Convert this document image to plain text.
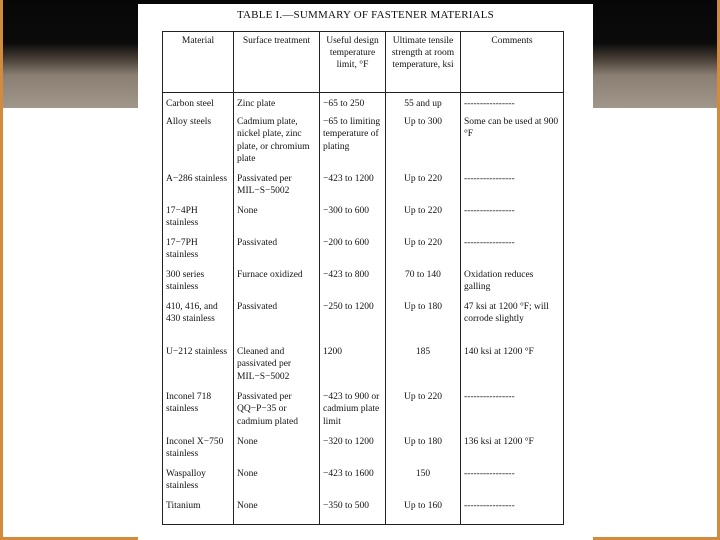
TABLE I.—SUMMARY OF FASTENER MATERIALS
Material	Surface treatment	Useful design temperature limit, °F	Ultimate tensile strength at room temperature, ksi	Comments
Carbon steel	Zinc plate	−65 to 250	55 and up	----------------
Alloy steels	Cadmium plate, nickel plate, zinc plate, or chromium plate	−65 to limiting temperature of plating	Up to 300	Some can be used at 900 °F
A−286 stainless	Passivated per MIL−S−5002	−423 to 1200	Up to 220	----------------
17−4PH stainless	None	−300 to 600	Up to 220	----------------
17−7PH stainless	Passivated	−200 to 600	Up to 220	----------------
300 series stainless	Furnace oxidized	−423 to 800	70 to 140	Oxidation reduces galling
410, 416, and 430 stainless	Passivated	−250 to 1200	Up to 180	47 ksi at 1200 °F; will corrode slightly
U−212 stainless	Cleaned and passivated per MIL−S−5002	1200	185	140 ksi at 1200 °F
Inconel 718 stainless	Passivated per QQ−P−35 or cadmium plated	−423 to 900 or cadmium plate limit	Up to 220	----------------
Inconel X−750 stainless	None	−320 to 1200	Up to 180	136 ksi at 1200 °F
Waspalloy stainless	None	−423 to 1600	150	----------------
Titanium	None	−350 to 500	Up to 160	----------------
